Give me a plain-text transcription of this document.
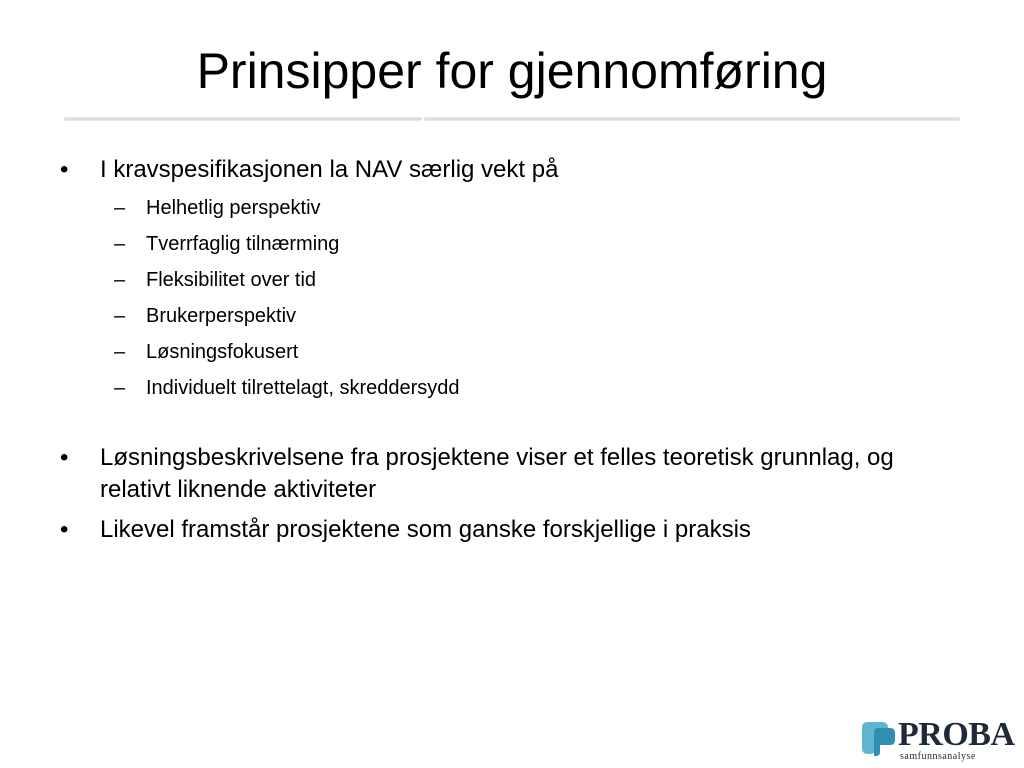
Prinsipper for gjennomføring
•	I kravspesifikasjonen la NAV særlig vekt på
– Helhetlig perspektiv
– Tverrfaglig tilnærming
– Fleksibilitet over tid
– Brukerperspektiv
– Løsningsfokusert
– Individuelt tilrettelagt, skreddersydd
•	Løsningsbeskrivelsene fra prosjektene viser et felles teoretisk grunnlag, og relativt liknende aktiviteter
•	Likevel framstår prosjektene som ganske forskjellige i praksis
PROBA
samfunnsanalyse
